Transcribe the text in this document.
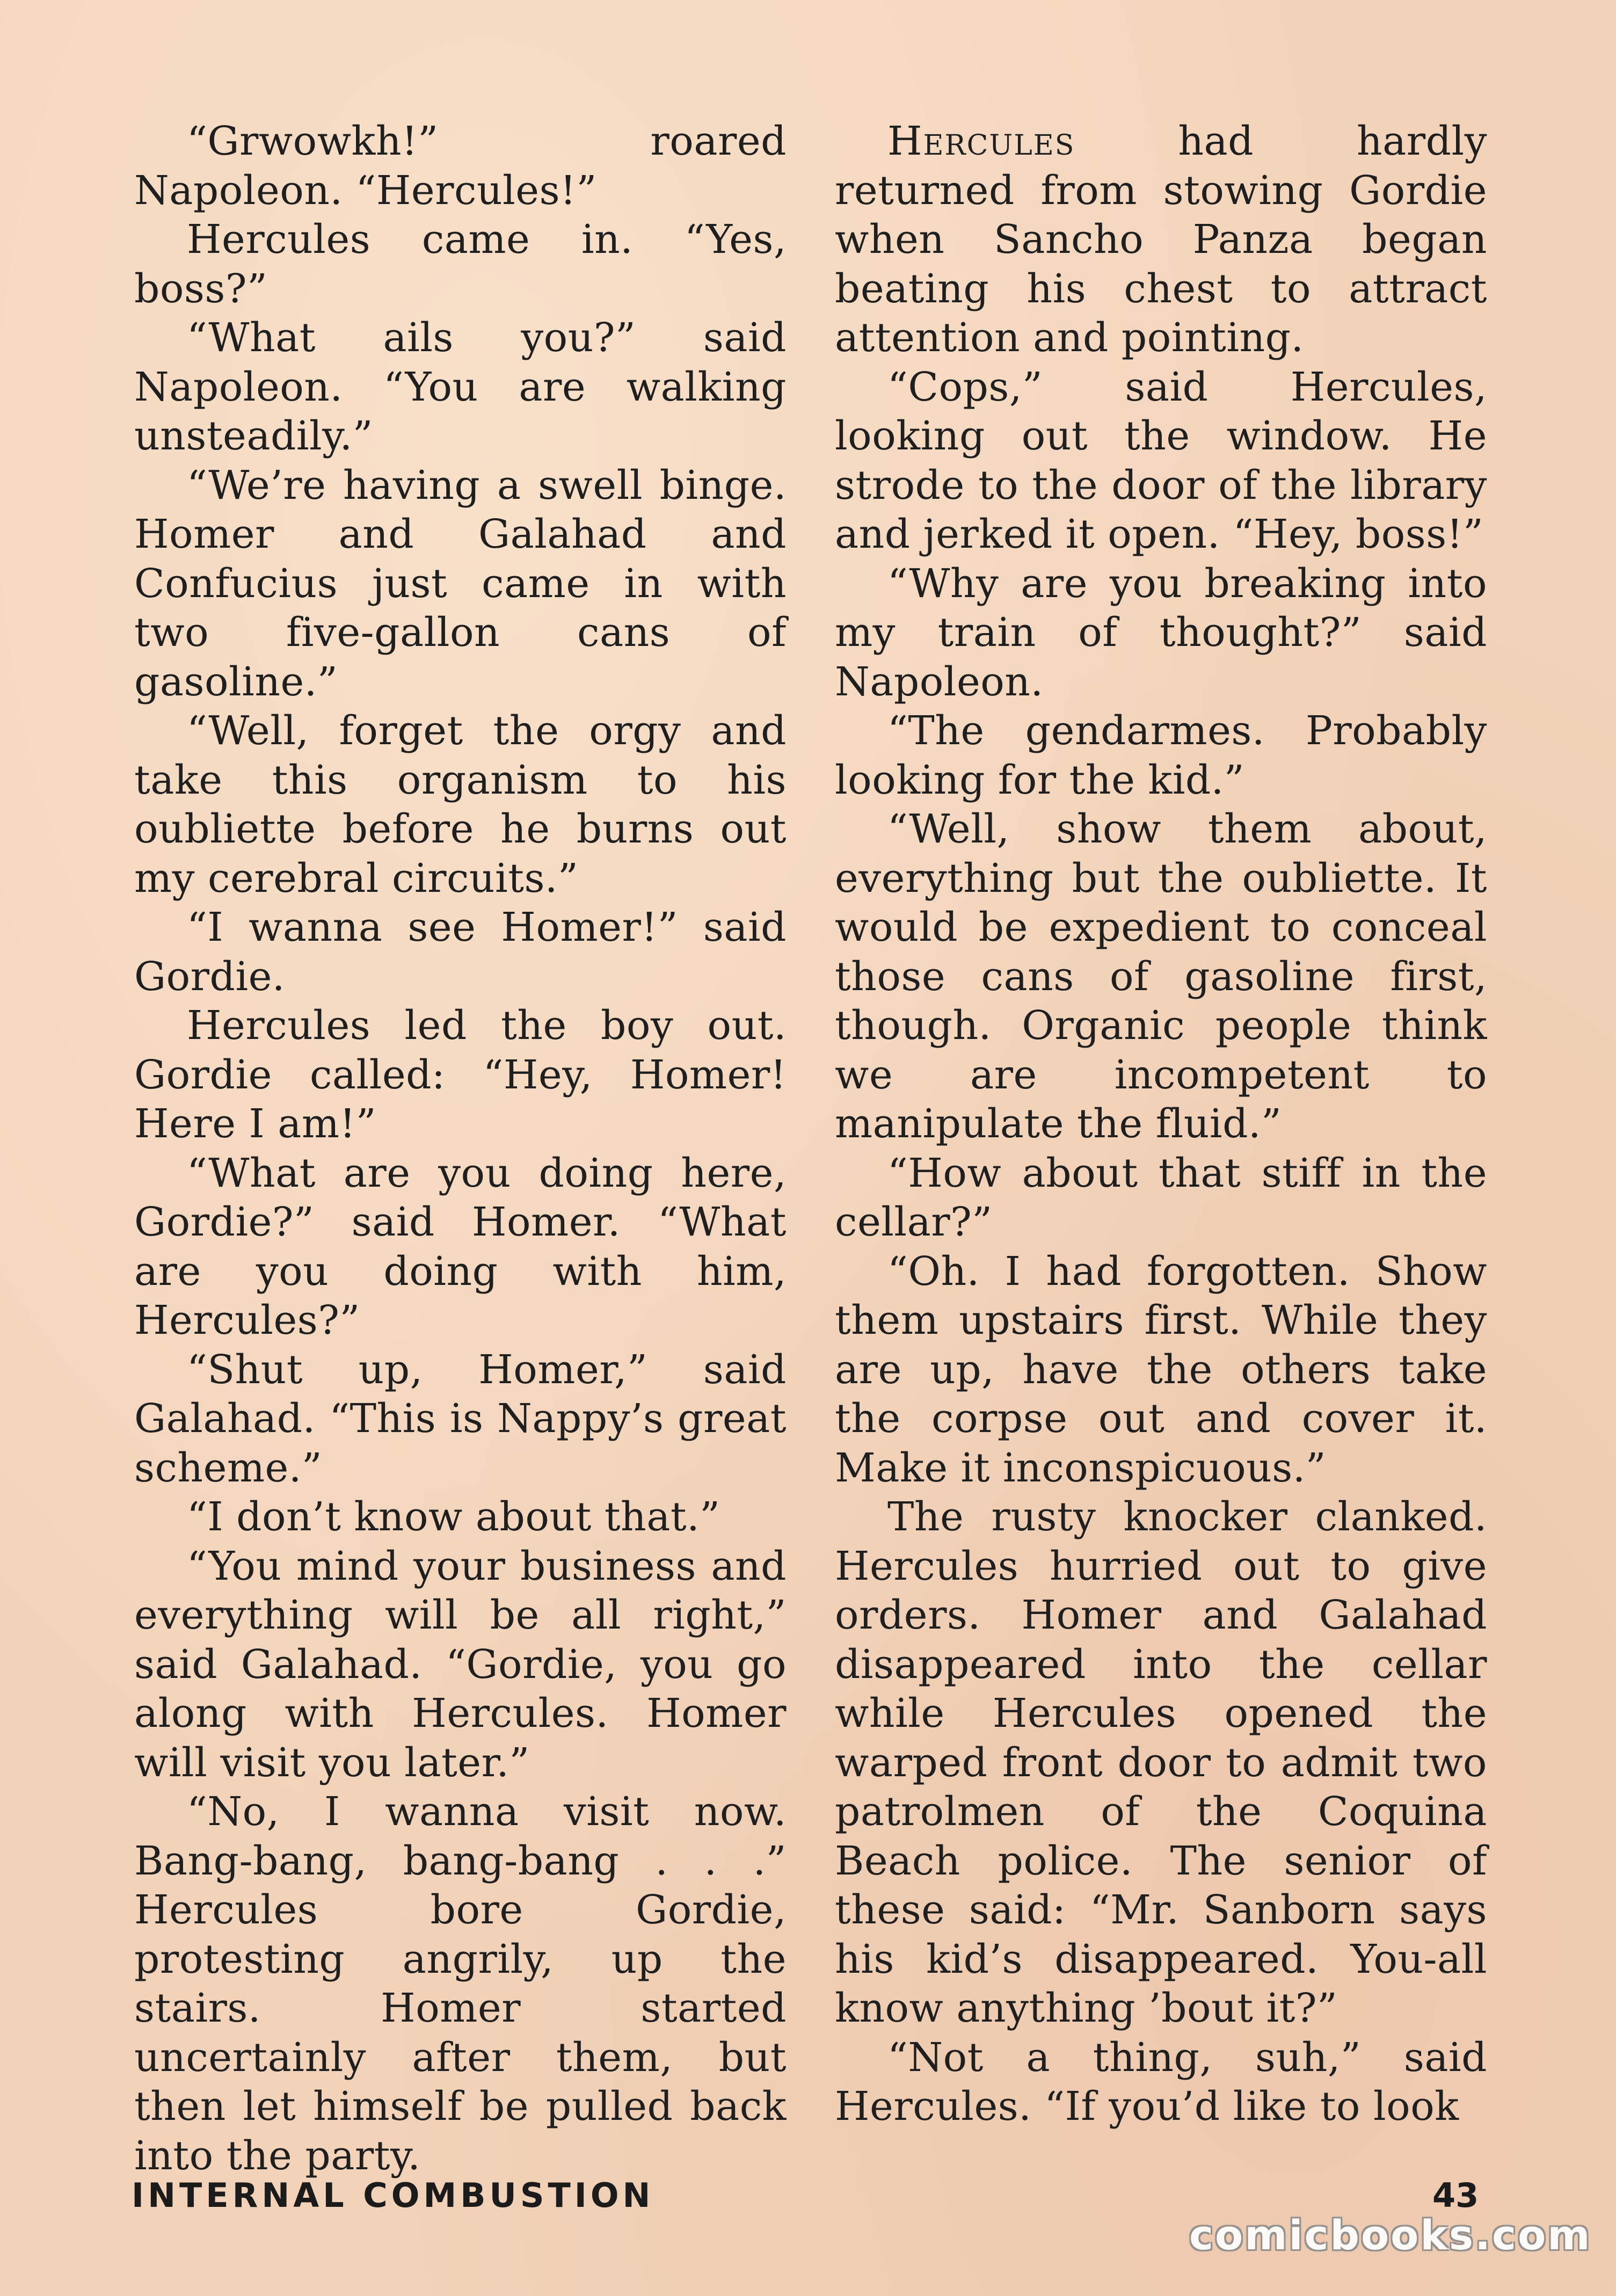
“Grwowkh!” roared Napoleon. “Hercules!”

Hercules came in. “Yes, boss?”

“What ails you?” said Napoleon. “You are walking unsteadily.”

“We’re having a swell binge. Homer and Galahad and Confucius just came in with two five-gallon cans of gasoline.”

“Well, forget the orgy and take this organism to his oubliette before he burns out my cerebral circuits.”

“I wanna see Homer!” said Gordie.

Hercules led the boy out. Gordie called: “Hey, Homer! Here I am!”

“What are you doing here, Gordie?” said Homer. “What are you doing with him, Hercules?”

“Shut up, Homer,” said Galahad. “This is Nappy’s great scheme.”

“I don’t know about that.”

“You mind your business and everything will be all right,” said Galahad. “Gordie, you go along with Hercules. Homer will visit you later.”

“No, I wanna visit now. Bang-bang, bang-bang . . .” Hercules bore Gordie, protesting angrily, up the stairs. Homer started uncertainly after them, but then let himself be pulled back into the party.

Hercules had hardly returned from stowing Gordie when Sancho Panza began beating his chest to attract attention and pointing.

“Cops,” said Hercules, looking out the window. He strode to the door of the library and jerked it open. “Hey, boss!”

“Why are you breaking into my train of thought?” said Napoleon.

“The gendarmes. Probably looking for the kid.”

“Well, show them about, everything but the oubliette. It would be expedient to conceal those cans of gasoline first, though. Organic people think we are incompetent to manipulate the fluid.”

“How about that stiff in the cellar?”

“Oh. I had forgotten. Show them upstairs first. While they are up, have the others take the corpse out and cover it. Make it inconspicuous.”

The rusty knocker clanked. Hercules hurried out to give orders. Homer and Galahad disappeared into the cellar while Hercules opened the warped front door to admit two patrolmen of the Coquina Beach police. The senior of these said: “Mr. Sanborn says his kid’s disappeared. You-all know anything ’bout it?”

“Not a thing, suh,” said Hercules. “If you’d like to look

INTERNAL COMBUSTION	43
comicbooks.com
